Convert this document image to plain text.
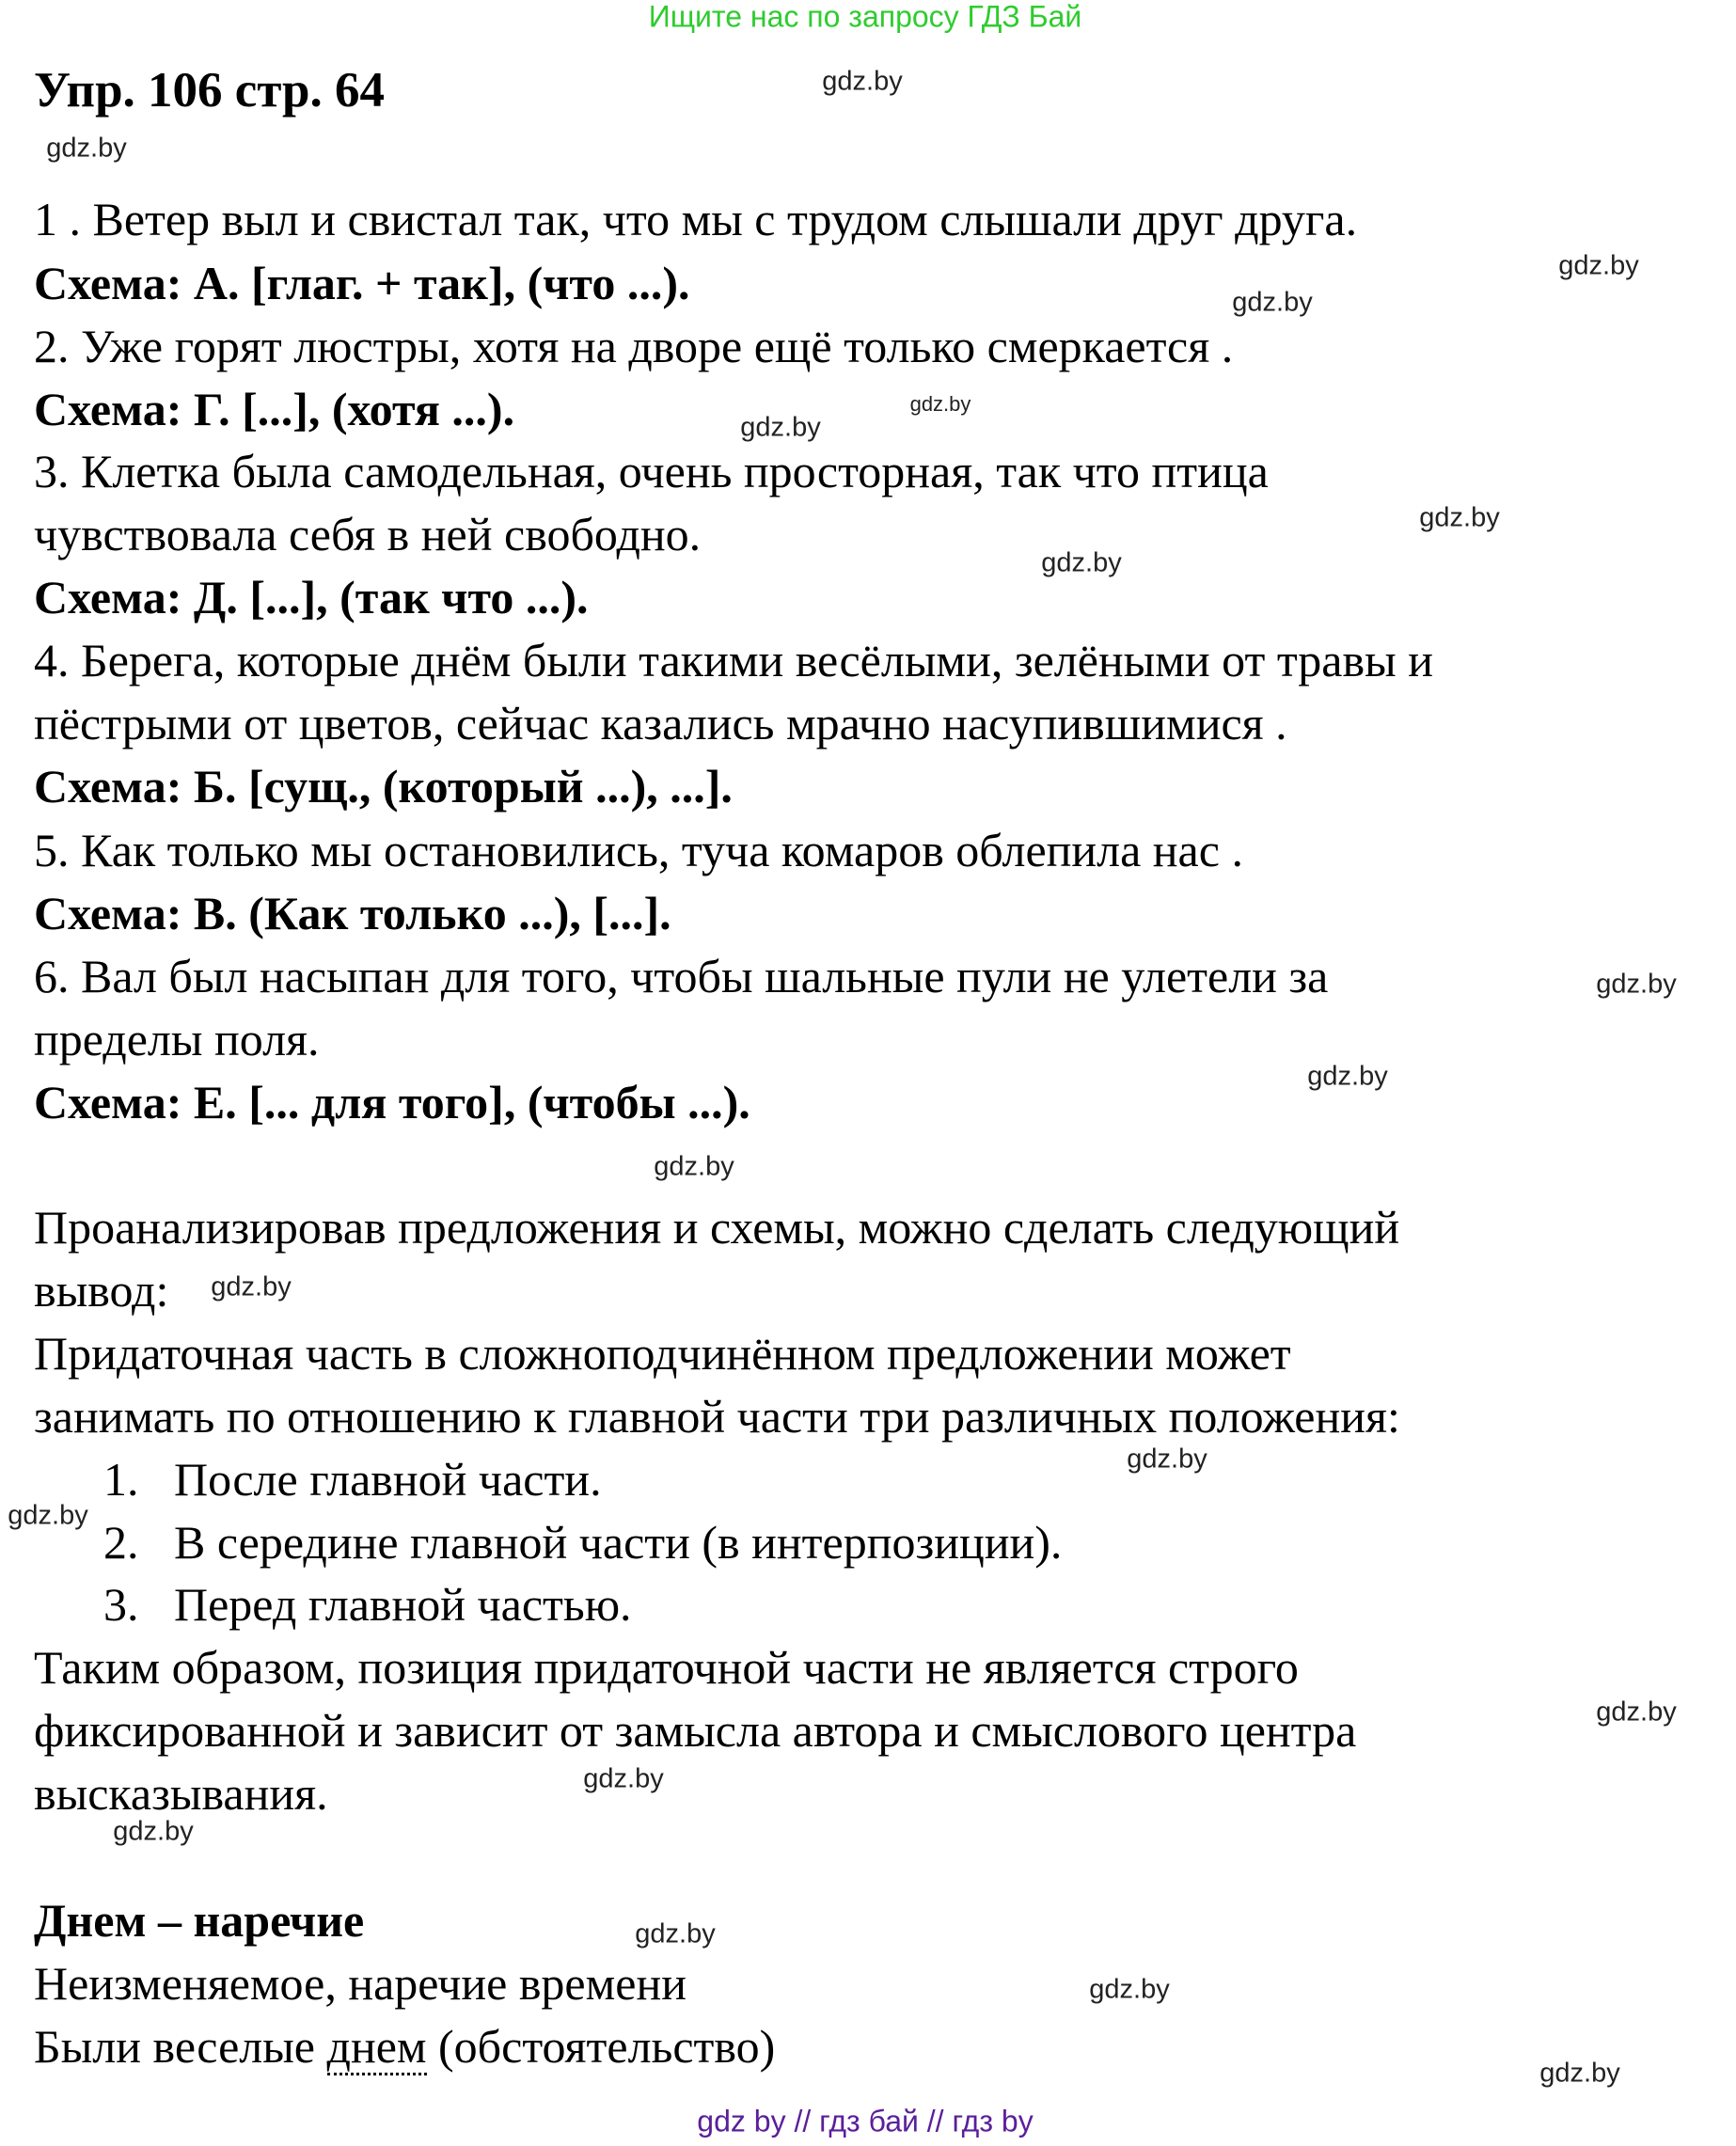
Ищите нас по запросу ГДЗ Бай
Упр. 106 стр. 64
1 . Ветер выл и свистал так, что мы с трудом слышали друг друга.
Схема: А. [глаг. + так], (что ...).
2. Уже горят люстры, хотя на дворе ещё только смеркается .
Схема: Г. [...], (хотя ...).
3. Клетка была самодельная, очень просторная, так что птица
чувствовала себя в ней свободно.
Схема: Д. [...], (так что ...).
4. Берега, которые днём были такими весёлыми, зелёными от травы и
пёстрыми от цветов, сейчас казались мрачно насупившимися .
Схема: Б. [сущ., (который ...), ...].
5. Как только мы остановились, туча комаров облепила нас .
Схема: В. (Как только ...), [...].
6. Вал был насыпан для того, чтобы шальные пули не улетели за
пределы поля.
Схема: Е. [... для того], (чтобы ...).
Проанализировав предложения и схемы, можно сделать следующий
вывод:
Придаточная часть в сложноподчинённом предложении может
занимать по отношению к главной части три различных положения:
Таким образом, позиция придаточной части не является строго
фиксированной и зависит от замысла автора и смыслового центра
высказывания.
Днем – наречие
Неизменяемое, наречие времени
1. После главной части.
2. В середине главной части (в интерпозиции).
3. Перед главной частью.
Были веселые днем (обстоятельство)
gdz.by
gdz.by
gdz.by
gdz.by
gdz.by
gdz.by
gdz.by
gdz.by
gdz.by
gdz.by
gdz.by
gdz.by
gdz.by
gdz.by
gdz.by
gdz.by
gdz.by
gdz.by
gdz.by
gdz.by
gdz by // гдз бай // гдз by
